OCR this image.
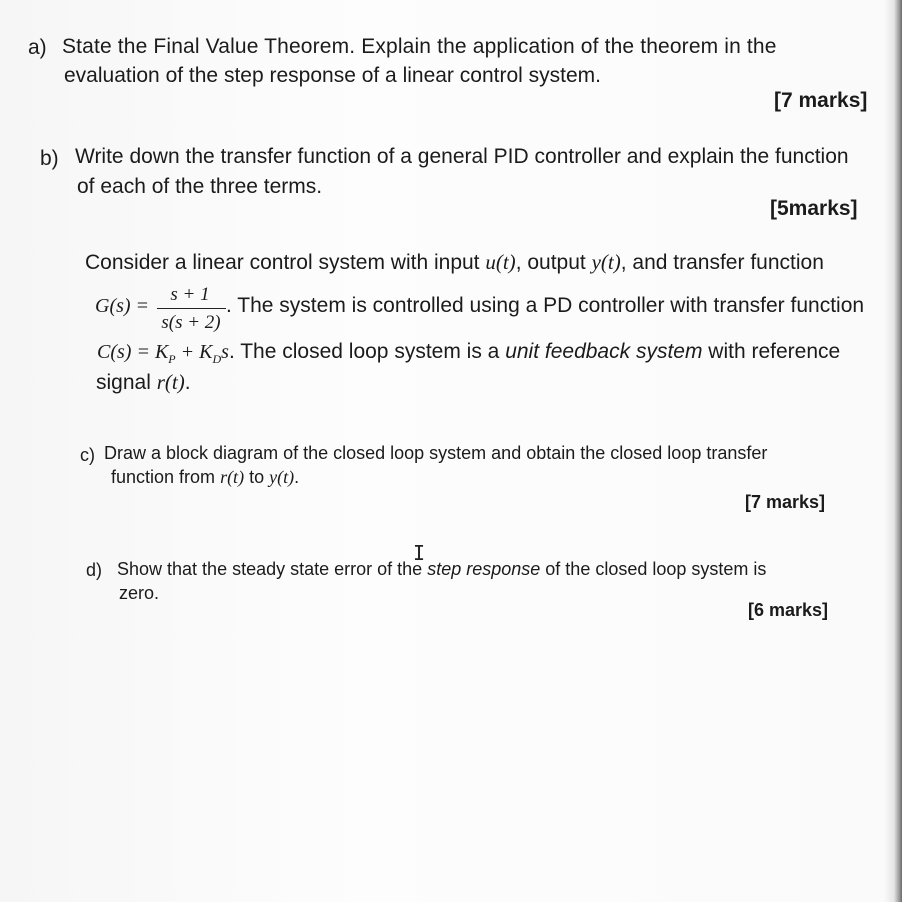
a) State the Final Value Theorem. Explain the application of the theorem in the
evaluation of the step response of a linear control system.
[7 marks]
b) Write down the transfer function of a general PID controller and explain the function
of each of the three terms.
[5marks]
Consider a linear control system with input u(t), output y(t), and transfer function
G(s) =
s + 1
s(s + 2)
. The system is controlled using a PD controller with transfer function
$C(s) = K_P + K_Ds$. The closed loop system is a unit feedback system with reference
signal r(t).
c) Draw a block diagram of the closed loop system and obtain the closed loop transfer
function from r(t) to y(t).
[7 marks]
I
d) Show that the steady state error of the step response of the closed loop system is
zero.
[6 marks]
